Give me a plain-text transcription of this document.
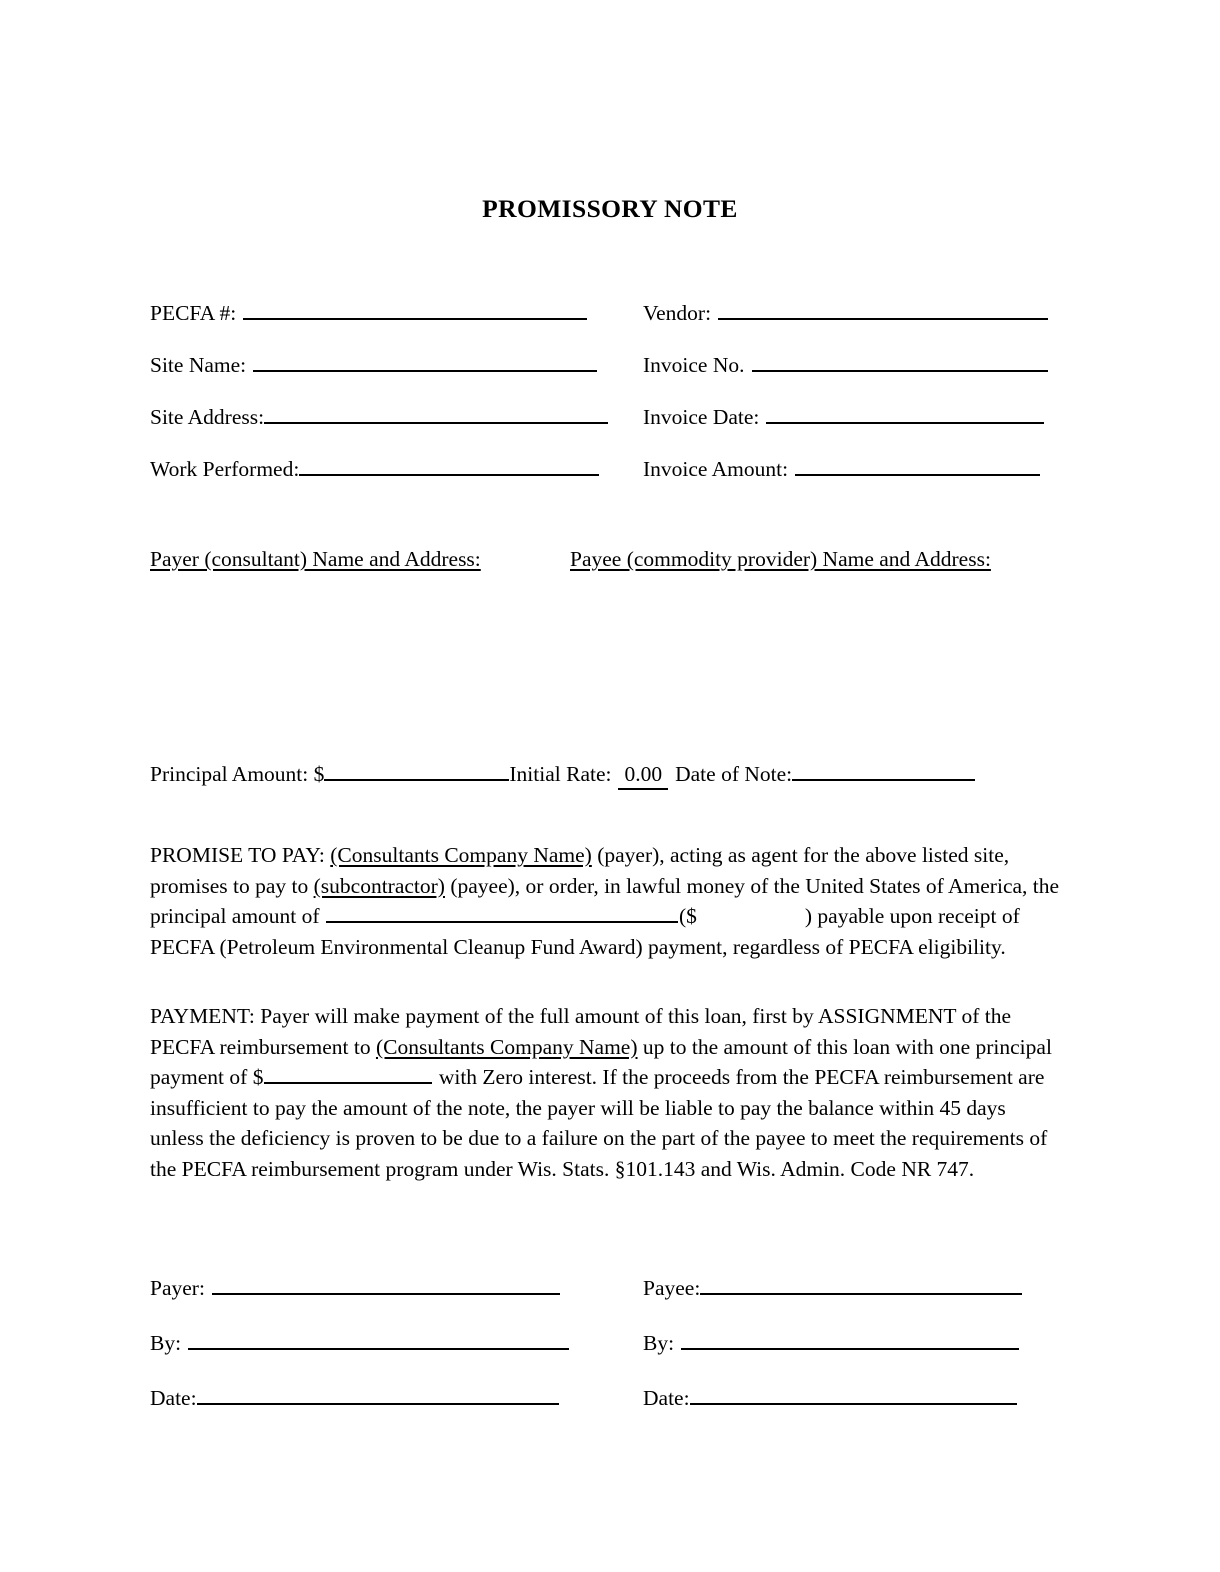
PROMISSORY NOTE
PECFA #:	Vendor:
Site Name:	Invoice No.
Site Address:	Invoice Date:
Work Performed:	Invoice Amount:
Payer (consultant) Name and Address:	Payee (commodity provider) Name and Address:
Principal Amount: $	Initial Rate: 0.00 Date of Note:
PROMISE TO PAY: (Consultants Company Name) (payer), acting as agent for the above listed site, promises to pay to (subcontractor) (payee), or order, in lawful money of the United States of America, the principal amount of	($	) payable upon receipt of PECFA (Petroleum Environmental Cleanup Fund Award) payment, regardless of PECFA eligibility.
PAYMENT: Payer will make payment of the full amount of this loan, first by ASSIGNMENT of the PECFA reimbursement to (Consultants Company Name) up to the amount of this loan with one principal payment of $	with Zero interest. If the proceeds from the PECFA reimbursement are insufficient to pay the amount of the note, the payer will be liable to pay the balance within 45 days unless the deficiency is proven to be due to a failure on the part of the payee to meet the requirements of the PECFA reimbursement program under Wis. Stats. §101.143 and Wis. Admin. Code NR 747.
Payer:	Payee:
By:	By:
Date:	Date:
